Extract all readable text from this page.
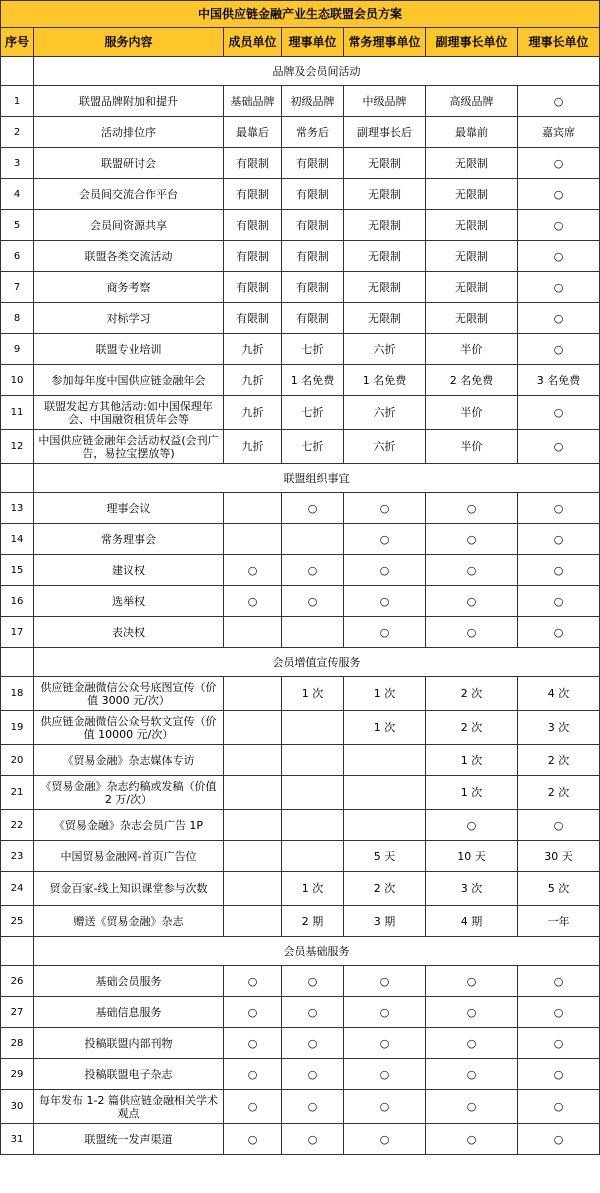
中国供应链金融产业生态联盟会员方案						
序号	服务内容	成员单位	理事单位	常务理事单位	副理事长单位	理事长单位
	品牌及会员间活动					
1	联盟品牌附加和提升	基础品牌	初级品牌	中级品牌	高级品牌	○
2	活动排位序	最靠后	常务后	副理事长后	最靠前	嘉宾席
3	联盟研讨会	有限制	有限制	无限制	无限制	○
4	会员间交流合作平台	有限制	有限制	无限制	无限制	○
5	会员间资源共享	有限制	有限制	无限制	无限制	○
6	联盟各类交流活动	有限制	有限制	无限制	无限制	○
7	商务考察	有限制	有限制	无限制	无限制	○
8	对标学习	有限制	有限制	无限制	无限制	○
9	联盟专业培训	九折	七折	六折	半价	○
10	参加每年度中国供应链金融年会	九折	1 名免费	1 名免费	2 名免费	3 名免费
11	联盟发起方其他活动:如中国保理年会、中国融资租赁年会等	九折	七折	六折	半价	○
12	中国供应链金融年会活动权益(会刊广告，易拉宝摆放等)	九折	七折	六折	半价	○
	联盟组织事宜					
13	理事会议		○	○	○	○
14	常务理事会			○	○	○
15	建议权	○	○	○	○	○
16	选举权	○	○	○	○	○
17	表决权			○	○	○
	会员增值宣传服务					
18	供应链金融微信公众号底图宣传（价值 3000 元/次）		1 次	1 次	2 次	4 次
19	供应链金融微信公众号软文宣传（价值 10000 元/次）			1 次	2 次	3 次
20	《贸易金融》杂志媒体专访				1 次	2 次
21	《贸易金融》杂志约稿或发稿（价值 2 万/次）				1 次	2 次
22	《贸易金融》杂志会员广告 1P				○	○
23	中国贸易金融网-首页广告位			5 天	10 天	30 天
24	贸金百家-线上知识课堂参与次数		1 次	2 次	3 次	5 次
25	赠送《贸易金融》杂志		2 期	3 期	4 期	一年
	会员基础服务					
26	基础会员服务	○	○	○	○	○
27	基础信息服务	○	○	○	○	○
28	投稿联盟内部刊物	○	○	○	○	○
29	投稿联盟电子杂志	○	○	○	○	○
30	每年发布 1-2 篇供应链金融相关学术观点	○	○	○	○	○
31	联盟统一发声渠道	○	○	○	○	○
